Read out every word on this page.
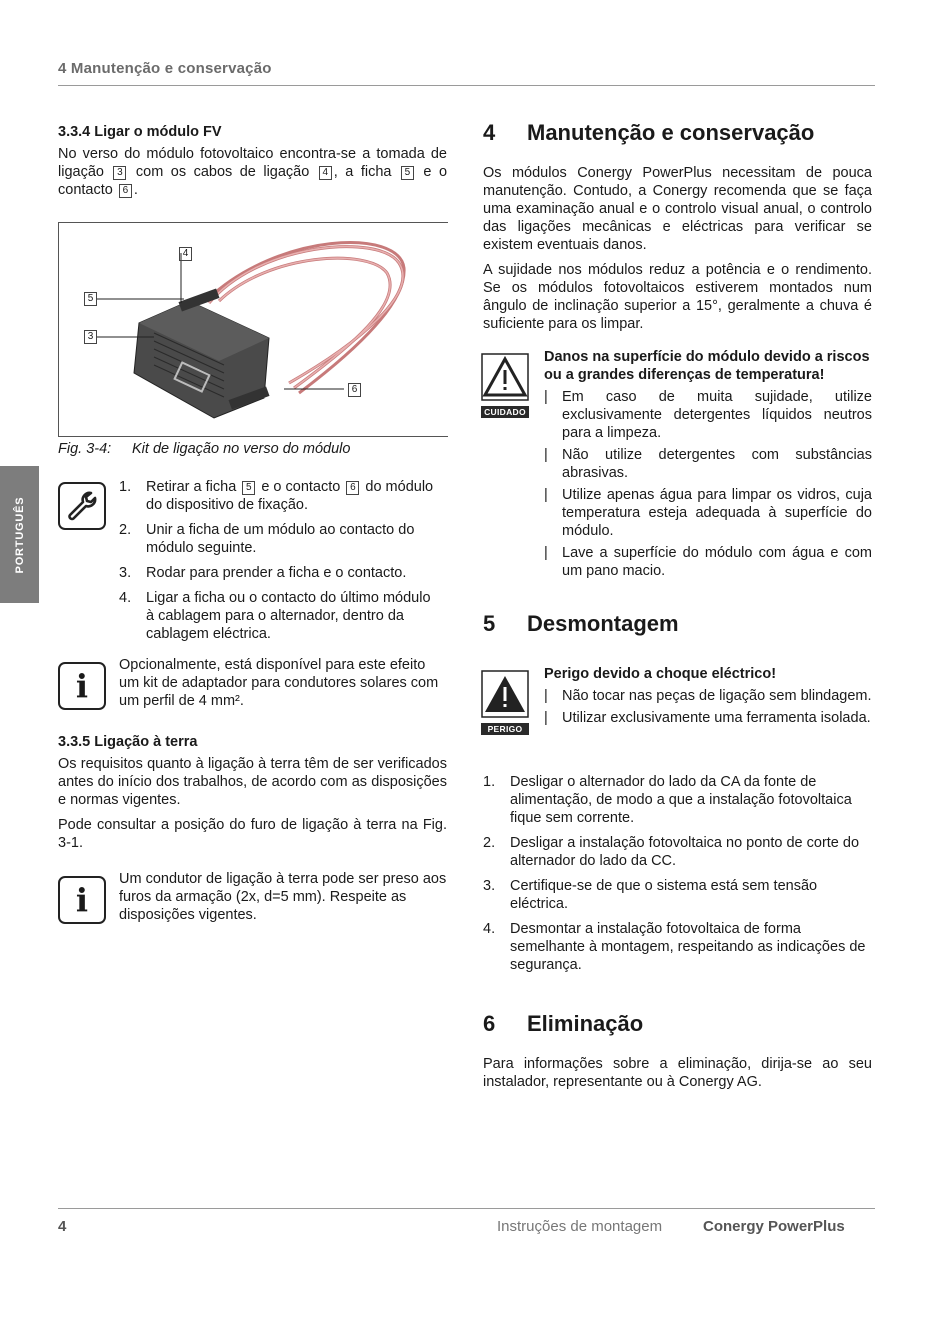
4 Manutenção e conservação
PORTUGUÊS
3.3.4 Ligar o módulo FV

No verso do módulo fotovoltaico encontra-se a tomada de ligação 3 com os cabos de ligação 4 , a ficha 5 e o contacto 6 .

4
5
3
6
Fig. 3-4: Kit de ligação no verso do módulo
1. Retirar a ficha 5 e o contacto 6 do módulo do dispositivo de fixação.
2. Unir a ficha de um módulo ao contacto do módulo seguinte.
3. Rodar para prender a ficha e o contacto.
4. Ligar a ficha ou o contacto do último módulo à cablagem para o alternador, dentro da cablagem eléctrica.
i
Opcionalmente, está disponível para este efeito um kit de adaptador para condutores solares com um perfil de 4 mm².
3.3.5 Ligação à terra

Os requisitos quanto à ligação à terra têm de ser verificados antes do início dos trabalhos, de acordo com as disposições e normas vigentes.

Pode consultar a posição do furo de ligação à terra na Fig. 3-1.

i
Um condutor de ligação à terra pode ser preso aos furos da armação (2x, d=5 mm). Respeite as disposições vigentes.
4 Manutenção e conservação

Os módulos Conergy PowerPlus necessitam de pouca manutenção. Contudo, a Conergy recomenda que se faça uma examinação anual e o controlo visual anual, o controlo das ligações mecânicas e eléctricas para verificar se existem eventuais danos.

A sujidade nos módulos reduz a potência e o rendimento. Se os módulos fotovoltaicos estiverem montados num ângulo de inclinação superior a 15°, geralmente a chuva é suficiente para os limpar.

CUIDADO
Danos na superfície do módulo devido a riscos ou a grandes diferenças de temperatura!
| Em caso de muita sujidade, utilize exclusivamente detergentes líquidos neutros para a limpeza.
| Não utilize detergentes com substâncias abrasivas.
| Utilize apenas água para limpar os vidros, cuja temperatura esteja adequada à superfície do módulo.
| Lave a superfície do módulo com água e com um pano macio.
5 Desmontagem
PERIGO
Perigo devido a choque eléctrico!
| Não tocar nas peças de ligação sem blindagem.
| Utilizar exclusivamente uma ferramenta isolada.
1. Desligar o alternador do lado da CA da fonte de alimentação, de modo a que a instalação fotovoltaica fique sem corrente.
2. Desligar a instalação fotovoltaica no ponto de corte do alternador do lado da CC.
3. Certifique-se de que o sistema está sem tensão eléctrica.
4. Desmontar a instalação fotovoltaica de forma semelhante à montagem, respeitando as indicações de segurança.
6 Eliminação

Para informações sobre a eliminação, dirija-se ao seu instalador, representante ou à Conergy AG.

4	Instruções de montagem	Conergy PowerPlus
